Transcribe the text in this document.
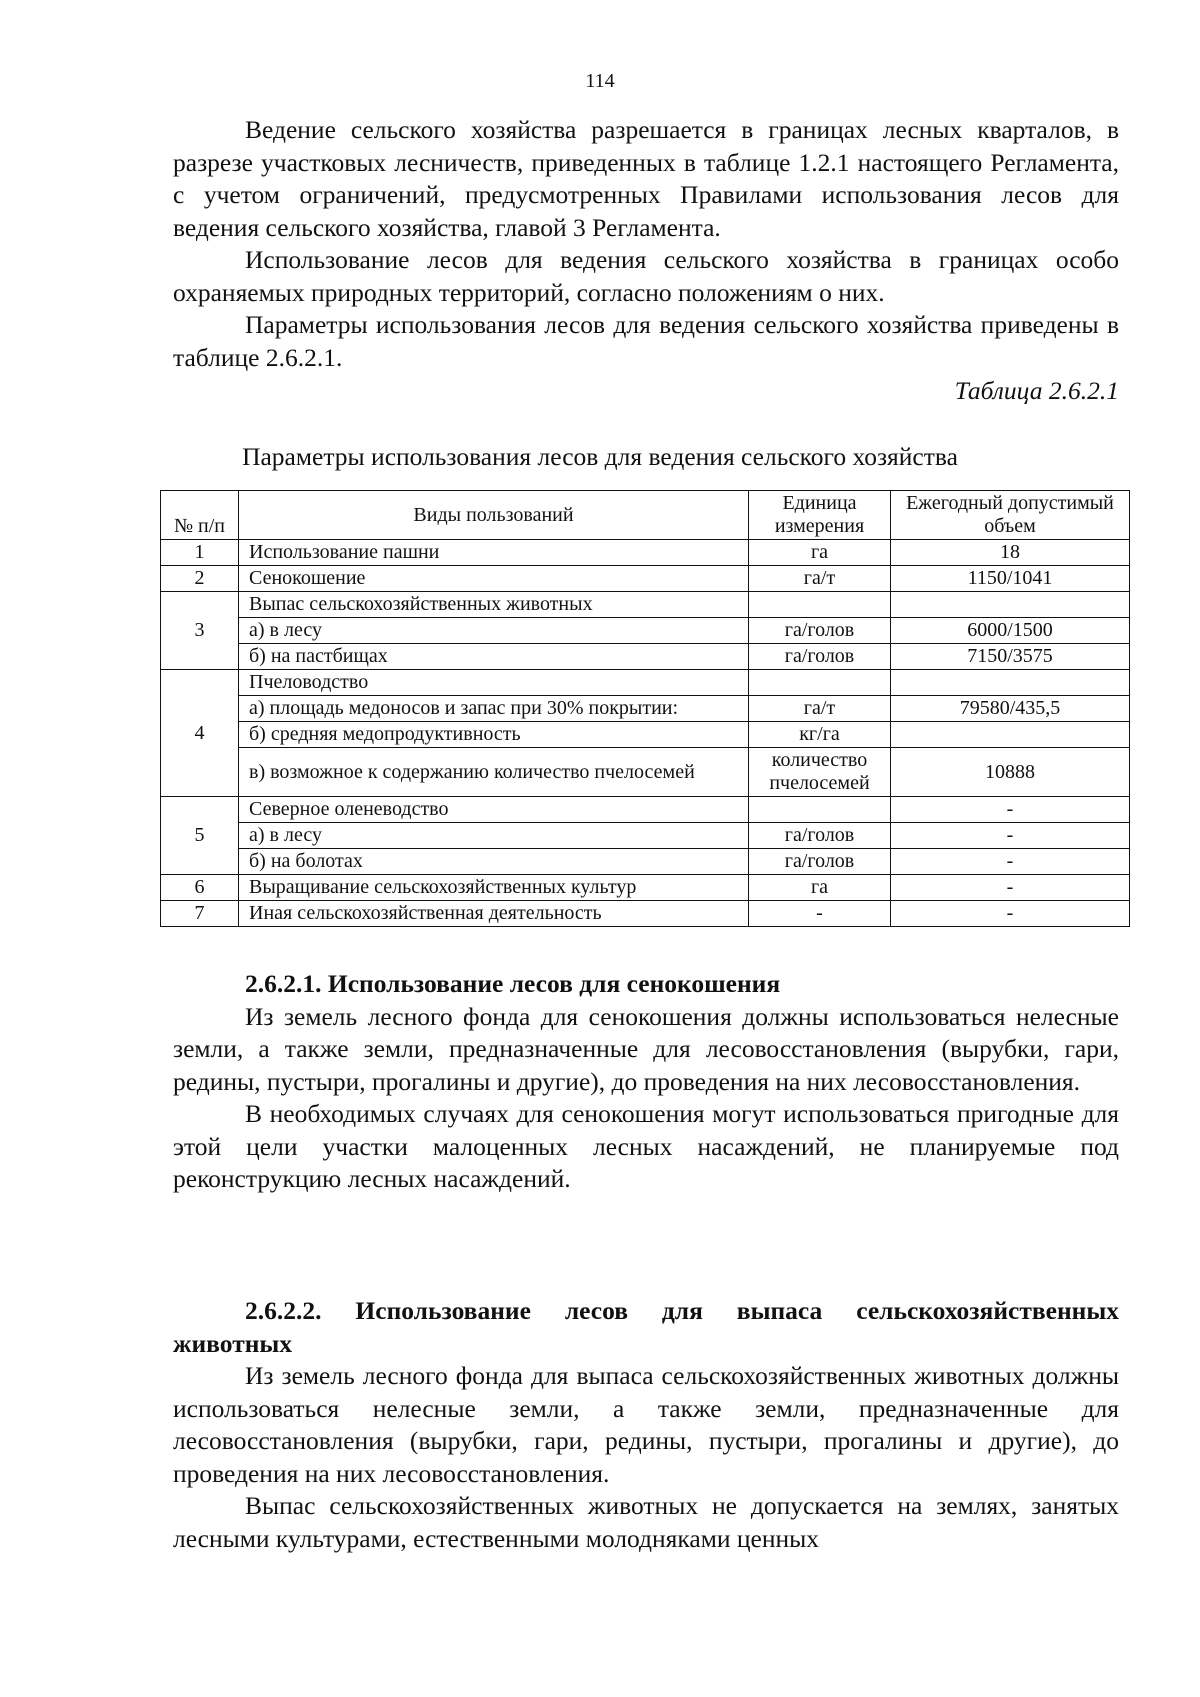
114

Ведение сельского хозяйства разрешается в границах лесных кварталов, в разрезе участковых лесничеств, приведенных в таблице 1.2.1 настоящего Регламента, с учетом ограничений, предусмотренных Правилами использования лесов для ведения сельского хозяйства, главой 3 Регламента.

Использование лесов для ведения сельского хозяйства в границах особо охраняемых природных территорий, согласно положениям о них.

Параметры использования лесов для ведения сельского хозяйства приведены в таблице 2.6.2.1.

Таблица 2.6.2.1
Параметры использования лесов для ведения сельского хозяйства
№ п/п	Виды пользований	Единица измерения	Ежегодный допустимый объем
1	Использование пашни	га	18
2	Сенокошение	га/т	1150/1041
3	Выпас сельскохозяйственных животных		
	а) в лесу	га/голов	6000/1500
	б) на пастбищах	га/голов	7150/3575
4	Пчеловодство		
	а) площадь медоносов и запас при 30% покрытии:	га/т	79580/435,5
	б) средняя медопродуктивность	кг/га	
	в) возможное к содержанию количество пчелосемей	количество пчелосемей	10888
5	Северное оленеводство		-
	а) в лесу	га/голов	-
	б) на болотах	га/голов	-
6	Выращивание сельскохозяйственных культур	га	-
7	Иная сельскохозяйственная деятельность	-	-
2.6.2.1. Использование лесов для сенокошения

Из земель лесного фонда для сенокошения должны использоваться нелесные земли, а также земли, предназначенные для лесовосстановления (вырубки, гари, редины, пустыри, прогалины и другие), до проведения на них лесовосстановления.

В необходимых случаях для сенокошения могут использоваться пригодные для этой цели участки малоценных лесных насаждений, не планируемые под реконструкцию лесных насаждений.

2.6.2.2. Использование лесов для выпаса сельскохозяйственных животных

Из земель лесного фонда для выпаса сельскохозяйственных животных должны использоваться нелесные земли, а также земли, предназначенные для лесовосстановления (вырубки, гари, редины, пустыри, прогалины и другие), до проведения на них лесовосстановления.

Выпас сельскохозяйственных животных не допускается на землях, занятых лесными культурами, естественными молодняками ценных
